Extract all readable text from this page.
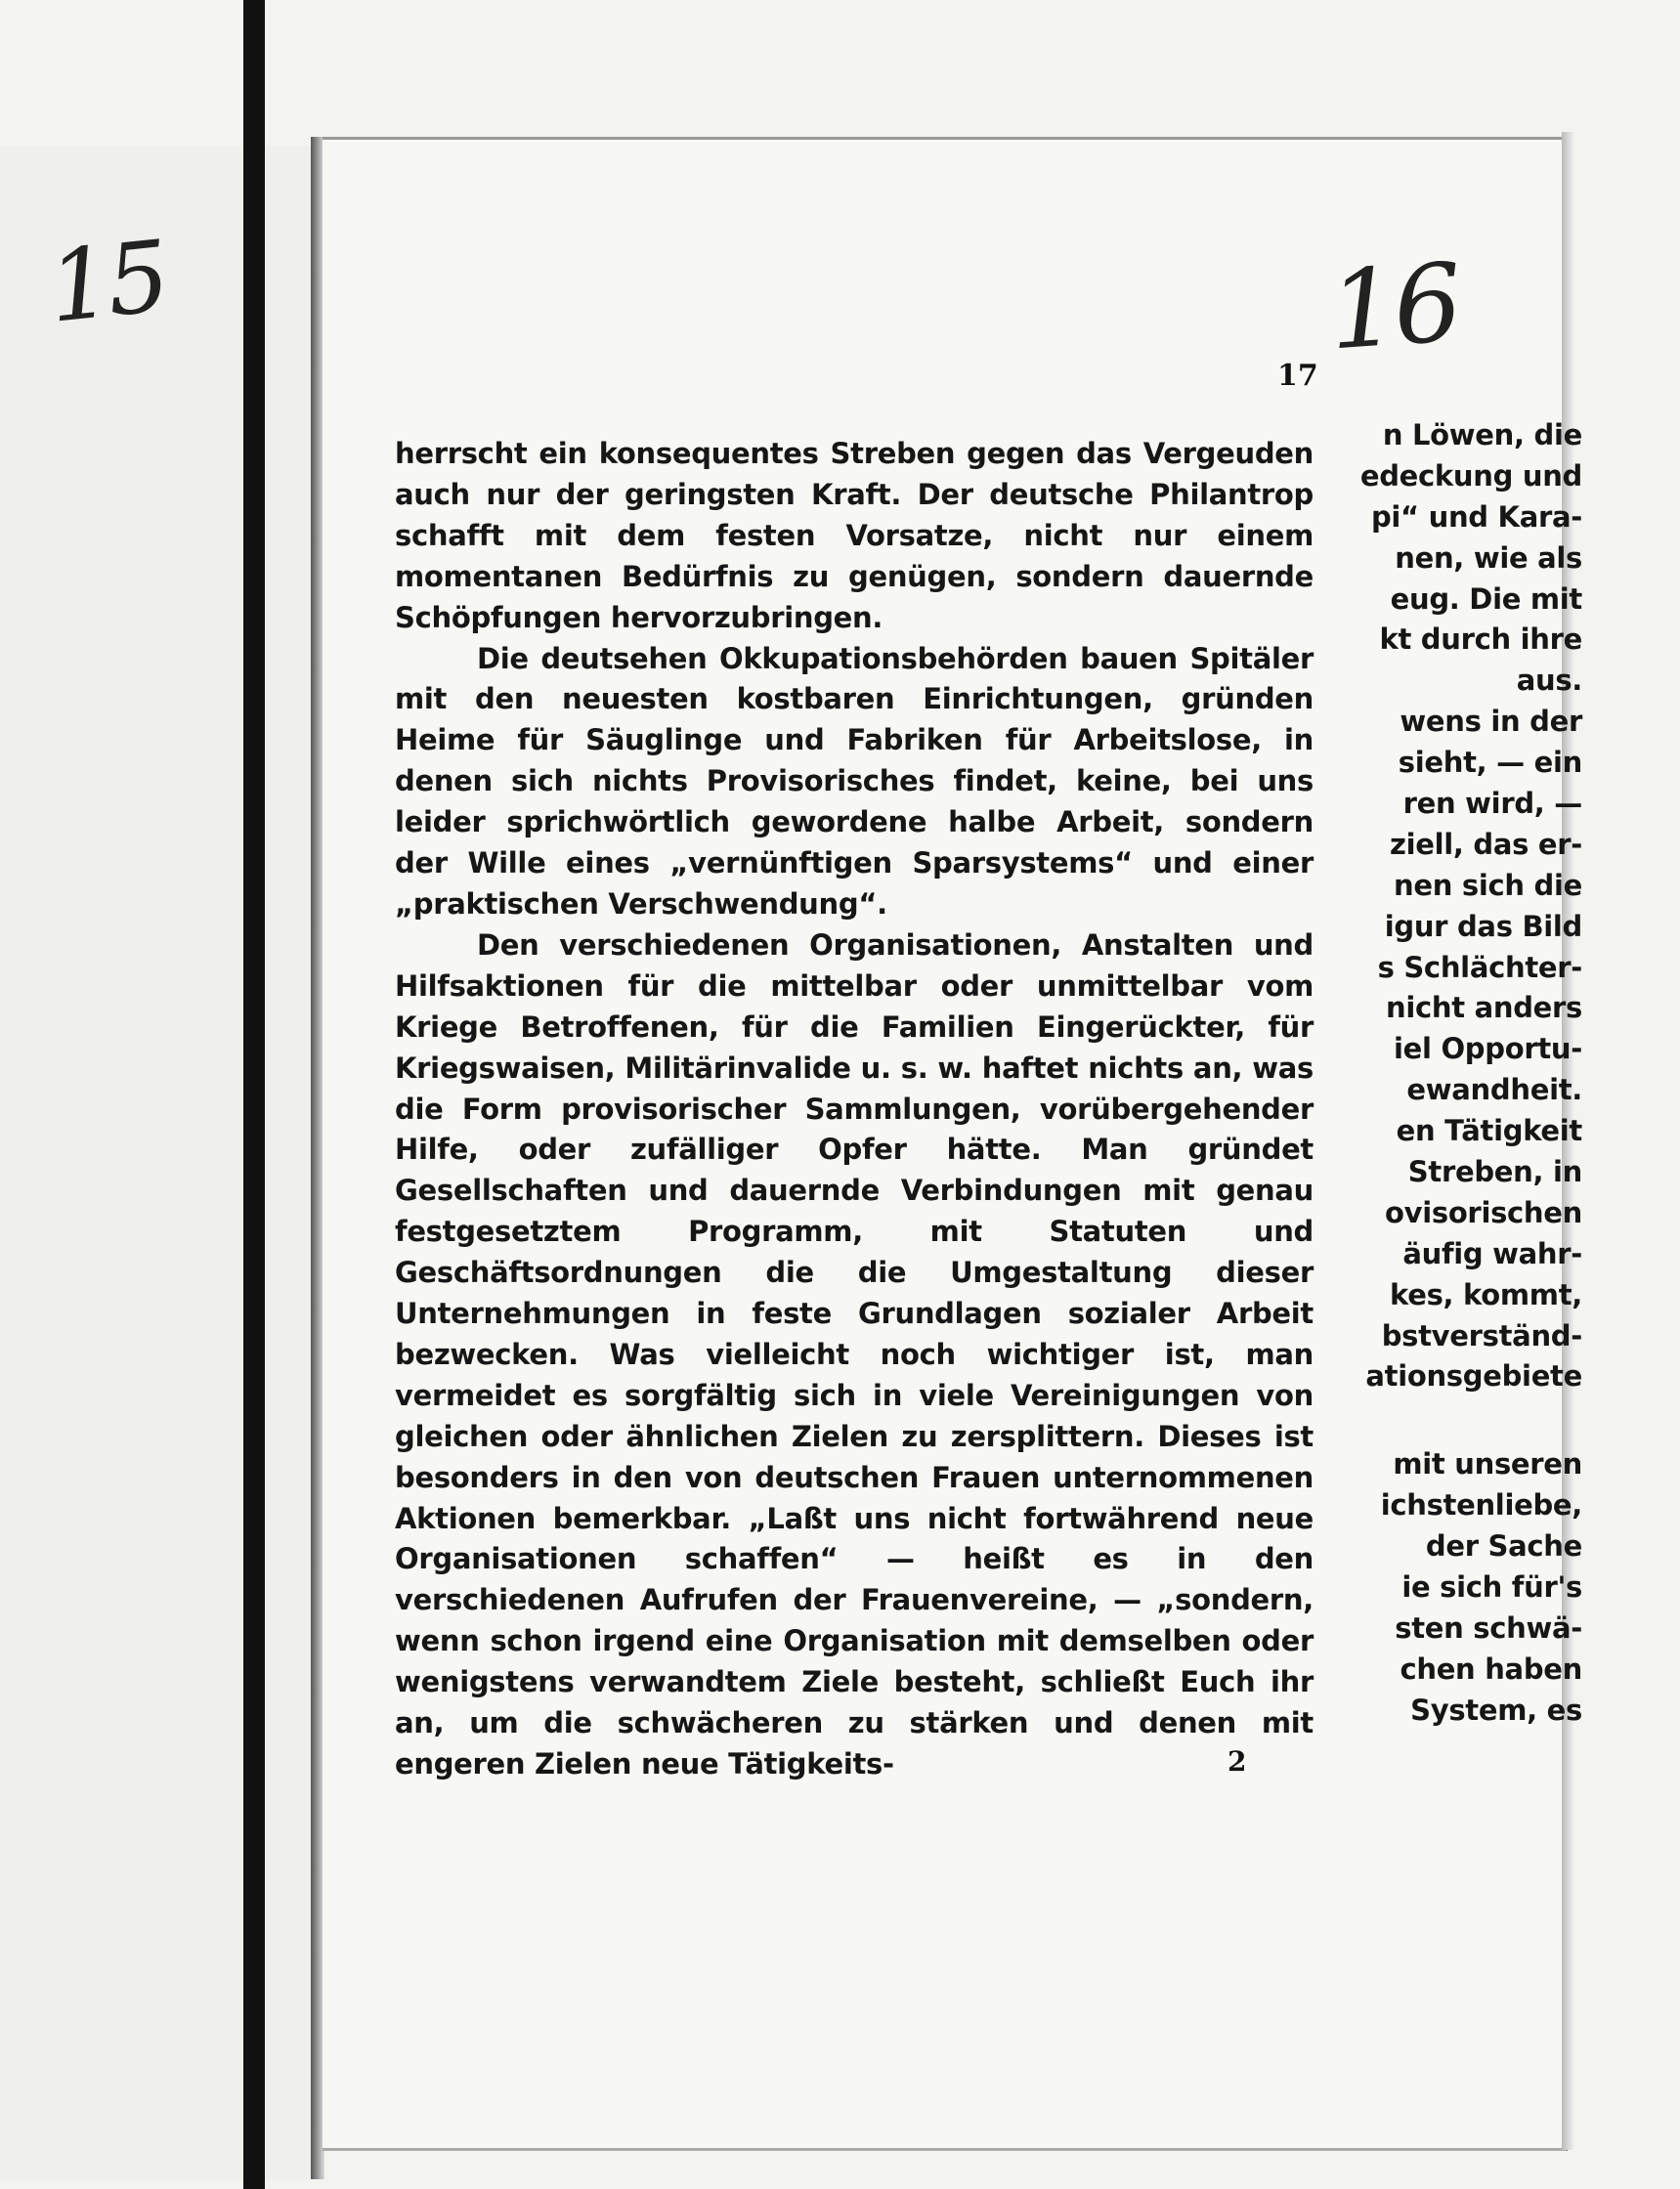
15	16
17
n Löwen, die
edeckung und
pi“ und Kara-
nen, wie als
eug. Die mit
kt durch ihre
aus.
wens in der
sieht, — ein
ren wird, —
ziell, das er-
nen sich die
igur das Bild
s Schlächter-
nicht anders
iel Opportu-
ewandheit.
en Tätigkeit
Streben, in
ovisorischen
äufig wahr-
kes, kommt,
bstverständ-
ationsgebiete
mit unseren
ichstenliebe,
der Sache
ie sich für's
sten schwä-
chen haben
System, es

herrscht ein konsequentes Streben gegen das Vergeuden auch nur der geringsten Kraft. Der deutsche Philantrop schafft mit dem festen Vorsatze, nicht nur einem momentanen Bedürfnis zu genügen, sondern dauernde Schöpfungen hervorzubringen.

Die deutsehen Okkupationsbehörden bauen Spitäler mit den neuesten kostbaren Einrichtungen, gründen Heime für Säuglinge und Fabriken für Arbeitslose, in denen sich nichts Provisorisches findet, keine, bei uns leider sprichwörtlich gewordene halbe Arbeit, sondern der Wille eines „vernünftigen Sparsystems“ und einer „praktischen Verschwendung“.

Den verschiedenen Organisationen, Anstalten und Hilfsaktionen für die mittelbar oder unmittelbar vom Kriege Betroffenen, für die Familien Eingerückter, für Kriegswaisen, Militärinvalide u. s. w. haftet nichts an, was die Form provisorischer Sammlungen, vorübergehender Hilfe, oder zufälliger Opfer hätte. Man gründet Gesellschaften und dauernde Verbindungen mit genau festgesetztem Programm, mit Statuten und Geschäftsordnungen die die Umgestaltung dieser Unternehmungen in feste Grundlagen sozialer Arbeit bezwecken. Was vielleicht noch wichtiger ist, man vermeidet es sorgfältig sich in viele Vereinigungen von gleichen oder ähnlichen Zielen zu zersplittern. Dieses ist besonders in den von deutschen Frauen unternommenen Aktionen bemerkbar. „Laßt uns nicht fortwährend neue Organisationen schaffen“ — heißt es in den verschiedenen Aufrufen der Frauenvereine, — „sondern, wenn schon irgend eine Organisation mit demselben oder wenigstens verwandtem Ziele besteht, schließt Euch ihr an, um die schwächeren zu stärken und denen mit engeren Zielen neue Tätigkeits-	2
